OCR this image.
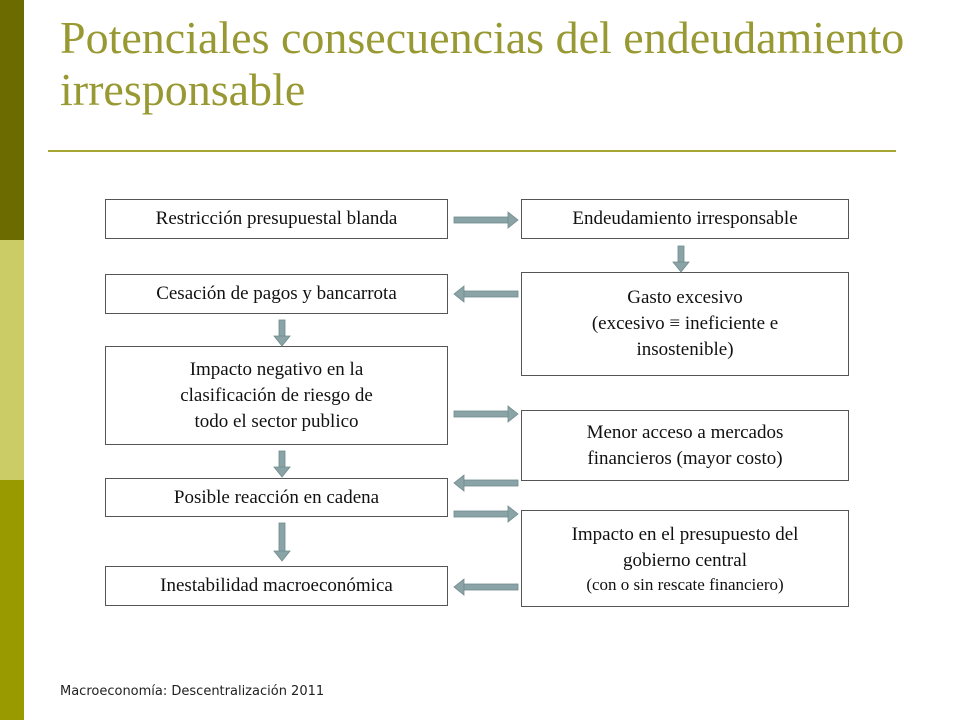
Potenciales consecuencias del endeudamiento irresponsable
Restricción presupuestal blanda
Cesación de pagos y bancarrota
Impacto negativo en la
clasificación de riesgo de
todo el sector publico
Posible reacción en cadena
Inestabilidad macroeconómica
Endeudamiento irresponsable
Gasto excesivo
(excesivo ≡ ineficiente e
insostenible)
Menor acceso a mercados
financieros (mayor costo)
Impacto en el presupuesto del
gobierno central
(con o sin rescate financiero)
Macroeconomía: Descentralización 2011
